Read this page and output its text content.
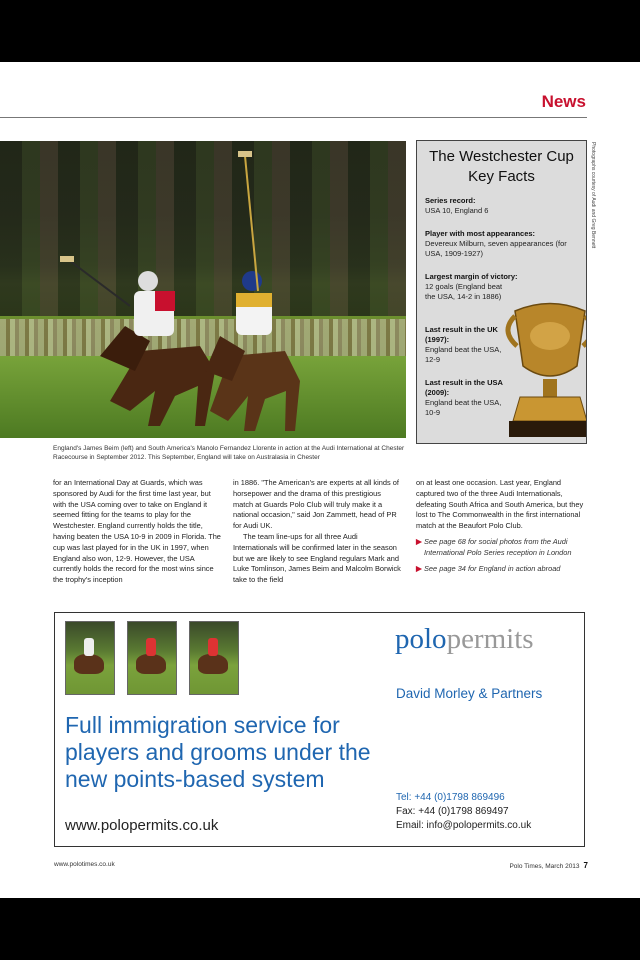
News
England's James Beim (left) and South America's Manolo Fernandez Llorente in action at the Audi International at Chester Racecourse in September 2012. This September, England will take on Australasia in Chester
The Westchester Cup
Key Facts
Series record:
USA 10, England 6
Player with most appearances:
Devereux Milburn, seven appearances (for USA, 1909-1927)
Largest margin of victory:
12 goals (England beat the USA, 14-2 in 1886)
Last result in the UK (1997):
England beat the USA, 12-9
Last result in the USA (2009):
England beat the USA, 10-9
Photographs courtesy of Audi and Greg Bennett
for an International Day at Guards, which was sponsored by Audi for the first time last year, but with the USA coming over to take on England it seemed fitting for the teams to play for the Westchester. England currently holds the title, having beaten the USA 10-9 in 2009 in Florida. The cup was last played for in the UK in 1997, when England also won, 12-9. However, the USA currently holds the record for the most wins since the trophy's inception

in 1886. "The American's are experts at all kinds of horsepower and the drama of this prestigious match at Guards Polo Club will truly make it a national occasion," said Jon Zammett, head of PR for Audi UK.

The team line-ups for all three Audi Internationals will be confirmed later in the season but we are likely to see England regulars Mark and Luke Tomlinson, James Beim and Malcolm Borwick take to the field

on at least one occasion. Last year, England captured two of the three Audi Internationals, defeating South Africa and South America, but they lost to The Commonwealth in the first international match at the Beaufort Polo Club.

▶ See page 68 for social photos from the Audi International Polo Series reception in London
▶ See page 34 for England in action abroad
polopermits
David Morley & Partners
Full immigration service for players and grooms under the new points-based system
Tel: +44 (0)1798 869496
Fax: +44 (0)1798 869497
Email: info@polopermits.co.uk
www.polopermits.co.uk
www.polotimes.co.uk	Polo Times, March 2013 7
